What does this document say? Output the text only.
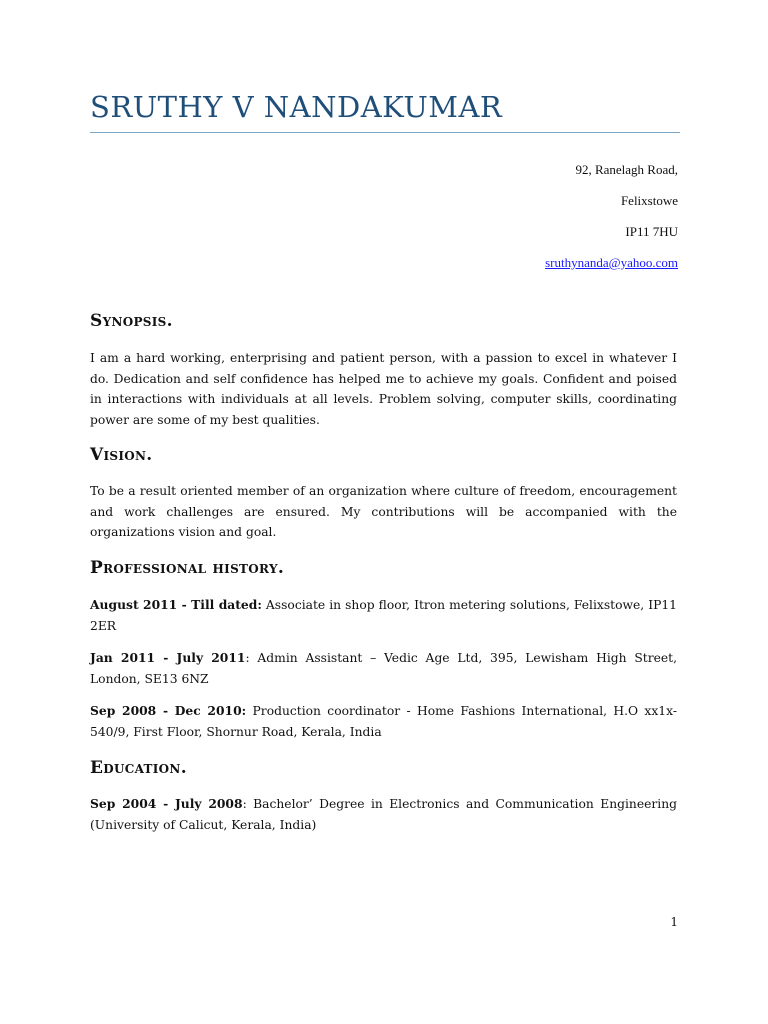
SRUTHY V NANDAKUMAR
92, Ranelagh Road,
Felixstowe
IP11 7HU
sruthynanda@yahoo.com
Synopsis.

I am a hard working, enterprising and patient person, with a passion to excel in whatever I do. Dedication and self confidence has helped me to achieve my goals. Confident and poised in interactions with individuals at all levels. Problem solving, computer skills, coordinating power are some of my best qualities.

Vision.

To be a result oriented member of an organization where culture of freedom, encouragement and work challenges are ensured. My contributions will be accompanied with the organizations vision and goal.

Professional history.

August 2011 - Till dated: Associate in shop floor, Itron metering solutions, Felixstowe, IP11 2ER

Jan 2011 - July 2011: Admin Assistant – Vedic Age Ltd, 395, Lewisham High Street, London, SE13 6NZ

Sep 2008 - Dec 2010: Production coordinator - Home Fashions International, H.O xx1x-540/9, First Floor, Shornur Road, Kerala, India

Education.

Sep 2004 - July 2008: Bachelor’ Degree in Electronics and Communication Engineering (University of Calicut, Kerala, India)

1
